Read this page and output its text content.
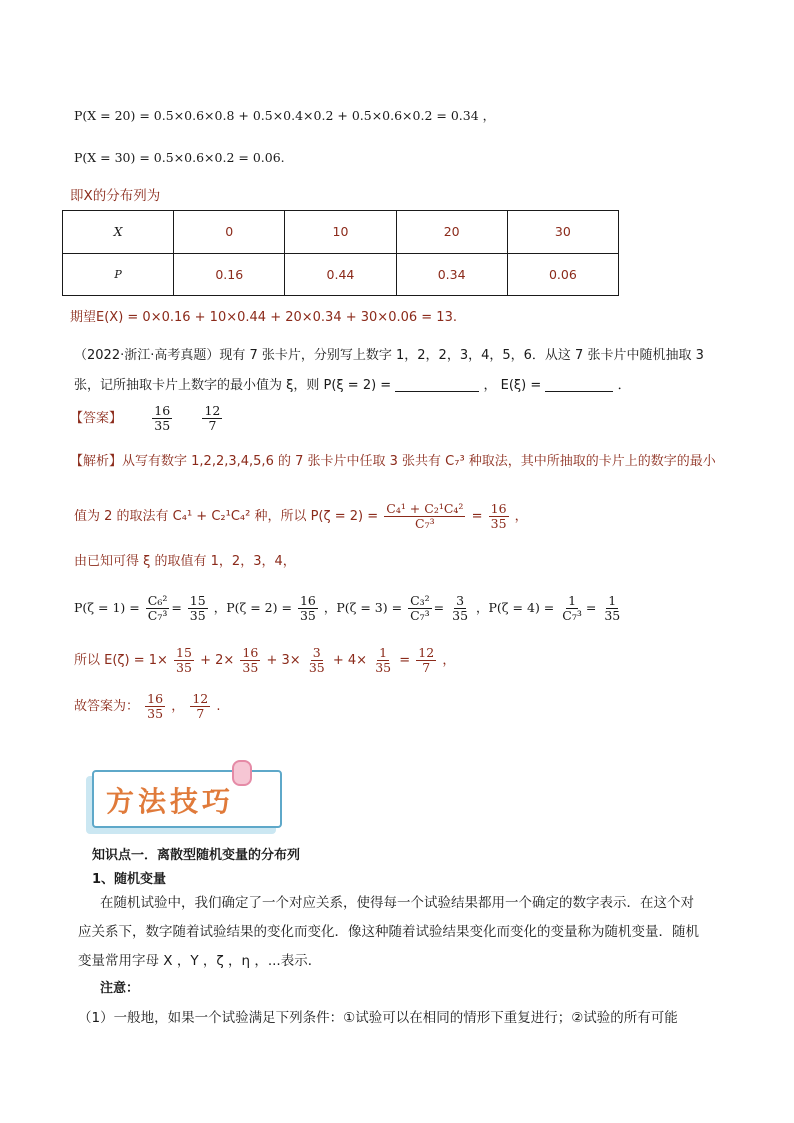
P(X = 20) = 0.5×0.6×0.8 + 0.5×0.4×0.2 + 0.5×0.6×0.2 = 0.34 ，
P(X = 30) = 0.5×0.6×0.2 = 0.06.
即X的分布列为
X	0	10	20	30
P	0.16	0.44	0.34	0.06
期望E(X) = 0×0.16 + 10×0.44 + 20×0.34 + 30×0.06 = 13.
（2022·浙江·高考真题）现有 7 张卡片，分别写上数字 1，2，2，3，4，5，6．从这 7 张卡片中随机抽取 3
张，记所抽取卡片上数字的最小值为 ξ，则 P(ξ = 2) =	， E(ξ) =	．
【答案】 $\frac{16}{35}$
$\frac{12}{7}$
【解析】从写有数字 1,2,2,3,4,5,6 的 7 张卡片中任取 3 张共有 C₇³ 种取法，其中所抽取的卡片上的数字的最小
值为 2 的取法有 C₄¹ + C₂¹C₄² 种，所以 $P(\zeta = 2) = \frac{\text{C₄¹ + C₂¹C₄²}}{\text{C₇³}} = \frac{16}{35}$ ，
由已知可得 ξ 的取值有 1，2，3，4，
$P(\zeta = 1) = \frac{\text{C₆²}}{\text{C₇³}} = \frac{15}{35}$ ，$P(\zeta = 2) = \frac{16}{35}$ ，$P(\zeta = 3) = \frac{\text{C₃²}}{\text{C₇³}} = \frac{3}{35}$ ，$P(\zeta = 4) = \frac{1}{\text{C₇³}} = \frac{1}{35}$
所以 $E(\zeta) = 1\times \frac{15}{35} + 2\times \frac{16}{35} + 3\times \frac{3}{35} + 4\times \frac{1}{35} = \frac{12}{7}$ ，
故答案为： $\frac{16}{35}$ ， $\frac{12}{7}$ .
方法技巧
知识点一．离散型随机变量的分布列
1、随机变量
在随机试验中，我们确定了一个对应关系，使得每一个试验结果都用一个确定的数字表示．在这个对
应关系下，数字随着试验结果的变化而变化．像这种随着试验结果变化而变化的变量称为随机变量．随机
变量常用字母 X ，Y ，ζ ，η ，...表示．
注意：
（1）一般地，如果一个试验满足下列条件：①试验可以在相同的情形下重复进行；②试验的所有可能
